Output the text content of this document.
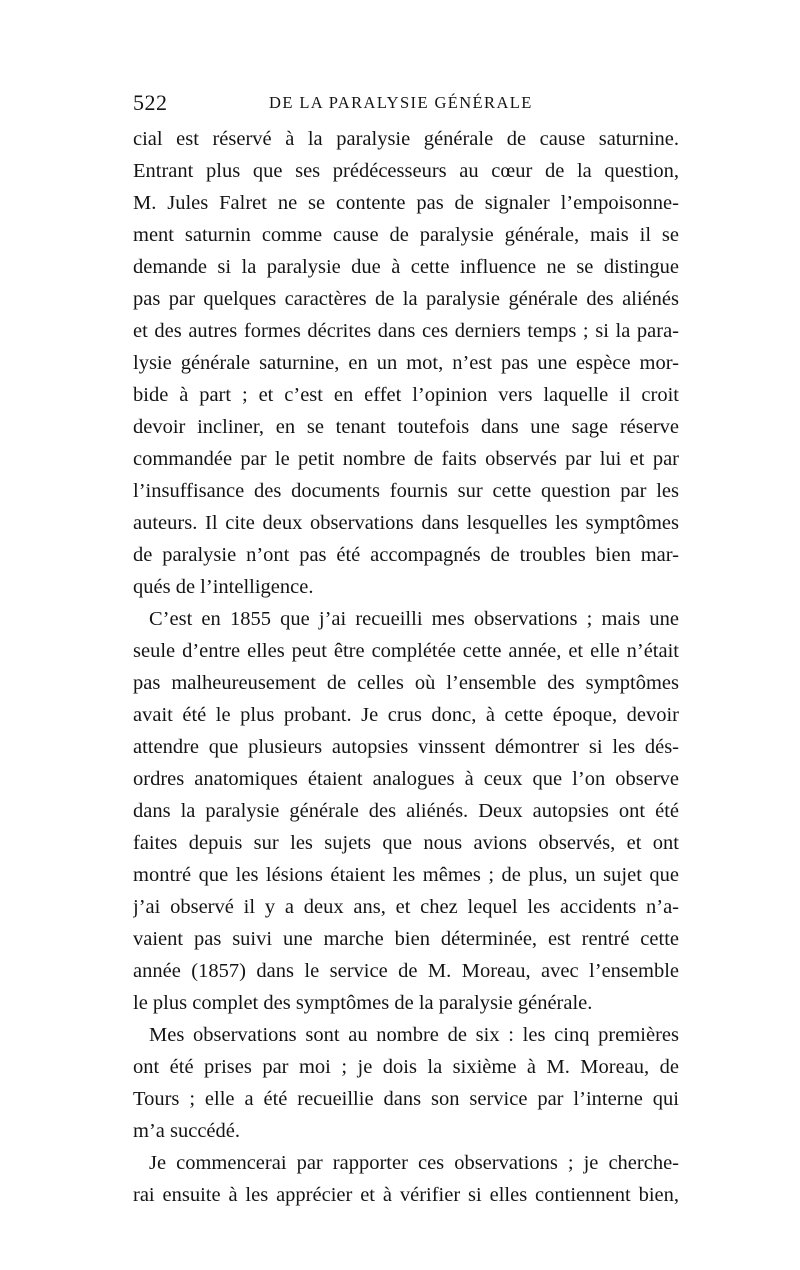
522	DE LA PARALYSIE GÉNÉRALE
cial est réservé à la paralysie générale de cause saturnine.
Entrant plus que ses prédécesseurs au cœur de la question,
M. Jules Falret ne se contente pas de signaler l’empoisonne-
ment saturnin comme cause de paralysie générale, mais il se
demande si la paralysie due à cette influence ne se distingue
pas par quelques caractères de la paralysie générale des aliénés
et des autres formes décrites dans ces derniers temps ; si la para-
lysie générale saturnine, en un mot, n’est pas une espèce mor-
bide à part ; et c’est en effet l’opinion vers laquelle il croit
devoir incliner, en se tenant toutefois dans une sage réserve
commandée par le petit nombre de faits observés par lui et par
l’insuffisance des documents fournis sur cette question par les
auteurs. Il cite deux observations dans lesquelles les symptômes
de paralysie n’ont pas été accompagnés de troubles bien mar-
qués de l’intelligence.
C’est en 1855 que j’ai recueilli mes observations ; mais une
seule d’entre elles peut être complétée cette année, et elle n’était
pas malheureusement de celles où l’ensemble des symptômes
avait été le plus probant. Je crus donc, à cette époque, devoir
attendre que plusieurs autopsies vinssent démontrer si les dés-
ordres anatomiques étaient analogues à ceux que l’on observe
dans la paralysie générale des aliénés. Deux autopsies ont été
faites depuis sur les sujets que nous avions observés, et ont
montré que les lésions étaient les mêmes ; de plus, un sujet que
j’ai observé il y a deux ans, et chez lequel les accidents n’a-
vaient pas suivi une marche bien déterminée, est rentré cette
année (1857) dans le service de M. Moreau, avec l’ensemble
le plus complet des symptômes de la paralysie générale.
Mes observations sont au nombre de six : les cinq premières
ont été prises par moi ; je dois la sixième à M. Moreau, de
Tours ; elle a été recueillie dans son service par l’interne qui
m’a succédé.
Je commencerai par rapporter ces observations ; je cherche-
rai ensuite à les apprécier et à vérifier si elles contiennent bien,
